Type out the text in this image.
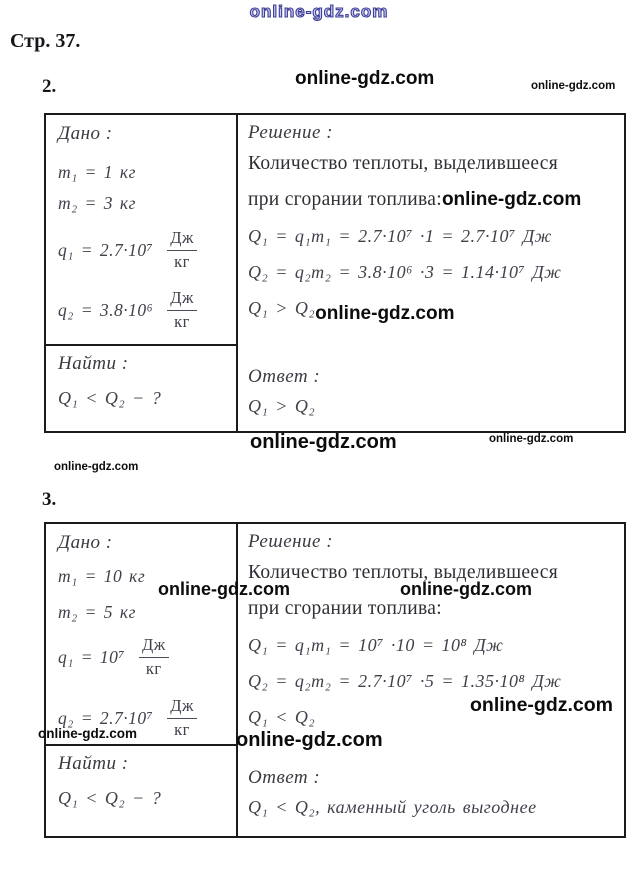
online-gdz.com
Стр. 37.
2.	online-gdz.com	online-gdz.com
Дано :
m₁ = 1 кг
m₂ = 3 кг
$q_1 = 2.7\cdot 10^7 \frac{Дж}{кг}$
$q_2 = 3.8\cdot 10^6 \frac{Дж}{кг}$
Найти :
Q₁ < Q₂ − ?
Решение :
Количество теплоты, выделившееся
при сгорании топлива:online-gdz.com
Q₁ = q₁m₁ = 2.7·10⁷ ·1 = 2.7·10⁷ Дж
Q₂ = q₂m₂ = 3.8·10⁶ ·3 = 1.14·10⁷ Дж
Q₁ > Q₂online-gdz.com
Ответ :
Q₁ > Q₂
online-gdz.com	online-gdz.com
online-gdz.com
3.
Дано :
m₁ = 10 кг
m₂ = 5 кг
$q_1 = 10^7 \frac{Дж}{кг}$
$q_2 = 2.7\cdot 10^7 \frac{Дж}{кг}$
Найти :
Q₁ < Q₂ − ?
Решение :
Количество теплоты, выделившееся
при сгорании топлива:
Q₁ = q₁m₁ = 10⁷ ·10 = 10⁸ Дж
Q₂ = q₂m₂ = 2.7·10⁷ ·5 = 1.35·10⁸ Дж
Q₁ < Q₂
Ответ :
Q₁ < Q₂, каменный уголь выгоднее
online-gdz.com	online-gdz.com
online-gdz.com
online-gdz.com	online-gdz.com
